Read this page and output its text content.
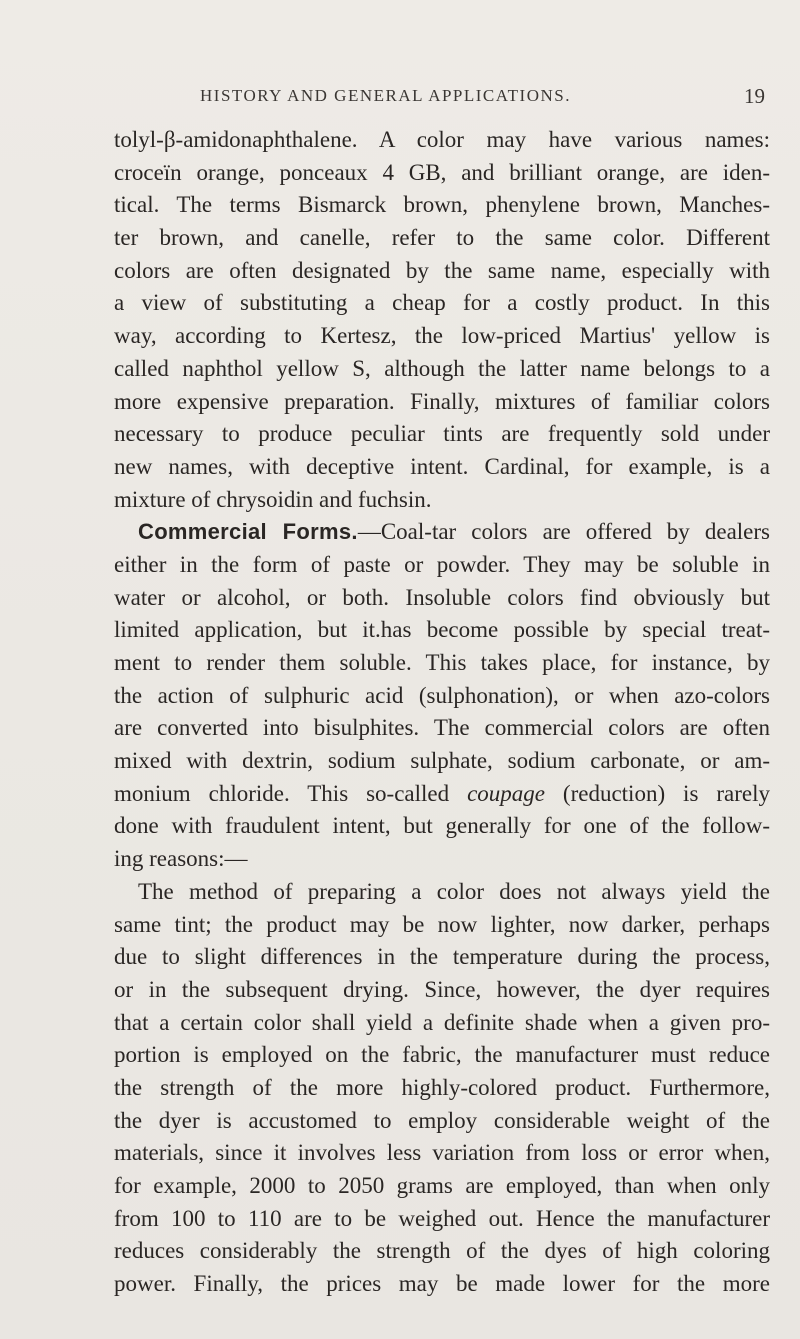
HISTORY AND GENERAL APPLICATIONS.	19
tolyl-β-amidonaphthalene. A color may have various names:
croceïn orange, ponceaux 4 GB, and brilliant orange, are iden-
tical. The terms Bismarck brown, phenylene brown, Manches-
ter brown, and canelle, refer to the same color. Different
colors are often designated by the same name, especially with
a view of substituting a cheap for a costly product. In this
way, according to Kertesz, the low-priced Martius' yellow is
called naphthol yellow S, although the latter name belongs to a
more expensive preparation. Finally, mixtures of familiar colors
necessary to produce peculiar tints are frequently sold under
new names, with deceptive intent. Cardinal, for example, is a
mixture of chrysoidin and fuchsin.
Commercial Forms.—Coal-tar colors are offered by dealers
either in the form of paste or powder. They may be soluble in
water or alcohol, or both. Insoluble colors find obviously but
limited application, but it.has become possible by special treat-
ment to render them soluble. This takes place, for instance, by
the action of sulphuric acid (sulphonation), or when azo-colors
are converted into bisulphites. The commercial colors are often
mixed with dextrin, sodium sulphate, sodium carbonate, or am-
monium chloride. This so-called coupage (reduction) is rarely
done with fraudulent intent, but generally for one of the follow-
ing reasons:—
The method of preparing a color does not always yield the
same tint; the product may be now lighter, now darker, perhaps
due to slight differences in the temperature during the process,
or in the subsequent drying. Since, however, the dyer requires
that a certain color shall yield a definite shade when a given pro-
portion is employed on the fabric, the manufacturer must reduce
the strength of the more highly-colored product. Furthermore,
the dyer is accustomed to employ considerable weight of the
materials, since it involves less variation from loss or error when,
for example, 2000 to 2050 grams are employed, than when only
from 100 to 110 are to be weighed out. Hence the manufacturer
reduces considerably the strength of the dyes of high coloring
power. Finally, the prices may be made lower for the more
